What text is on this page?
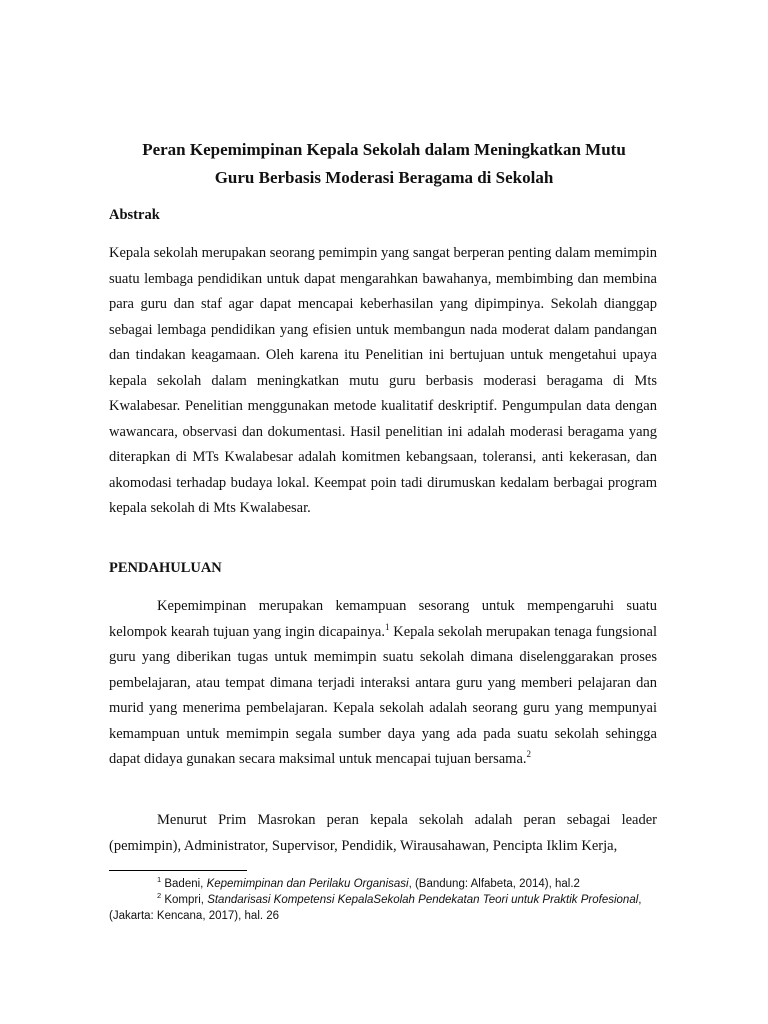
Peran Kepemimpinan Kepala Sekolah dalam Meningkatkan Mutu
Guru Berbasis Moderasi Beragama di Sekolah
Abstrak

Kepala sekolah merupakan seorang pemimpin yang sangat berperan penting dalam memimpin suatu lembaga pendidikan untuk dapat mengarahkan bawahanya, membimbing dan membina para guru dan staf agar dapat mencapai keberhasilan yang dipimpinya. Sekolah dianggap sebagai lembaga pendidikan yang efisien untuk membangun nada moderat dalam pandangan dan tindakan keagamaan. Oleh karena itu Penelitian ini bertujuan untuk mengetahui upaya kepala sekolah dalam meningkatkan mutu guru berbasis moderasi beragama di Mts Kwalabesar. Penelitian menggunakan metode kualitatif deskriptif. Pengumpulan data dengan wawancara, observasi dan dokumentasi. Hasil penelitian ini adalah moderasi beragama yang diterapkan di MTs Kwalabesar adalah komitmen kebangsaan, toleransi, anti kekerasan, dan akomodasi terhadap budaya lokal. Keempat poin tadi dirumuskan kedalam berbagai program kepala sekolah di Mts Kwalabesar.

PENDAHULUAN

Kepemimpinan merupakan kemampuan sesorang untuk mempengaruhi suatu kelompok kearah tujuan yang ingin dicapainya.$^1$ Kepala sekolah merupakan tenaga fungsional guru yang diberikan tugas untuk memimpin suatu sekolah dimana diselenggarakan proses pembelajaran, atau tempat dimana terjadi interaksi antara guru yang memberi pelajaran dan murid yang menerima pembelajaran. Kepala sekolah adalah seorang guru yang mempunyai kemampuan untuk memimpin segala sumber daya yang ada pada suatu sekolah sehingga dapat didaya gunakan secara maksimal untuk mencapai tujuan bersama.$^2$

Menurut Prim Masrokan peran kepala sekolah adalah peran sebagai leader (pemimpin), Administrator, Supervisor, Pendidik, Wirausahawan, Pencipta Iklim Kerja,

$^1$ Badeni, Kepemimpinan dan Perilaku Organisasi, (Bandung: Alfabeta, 2014), hal.2
$^2$ Kompri, Standarisasi Kompetensi KepalaSekolah Pendekatan Teori untuk Praktik Profesional,
(Jakarta: Kencana, 2017), hal. 26
